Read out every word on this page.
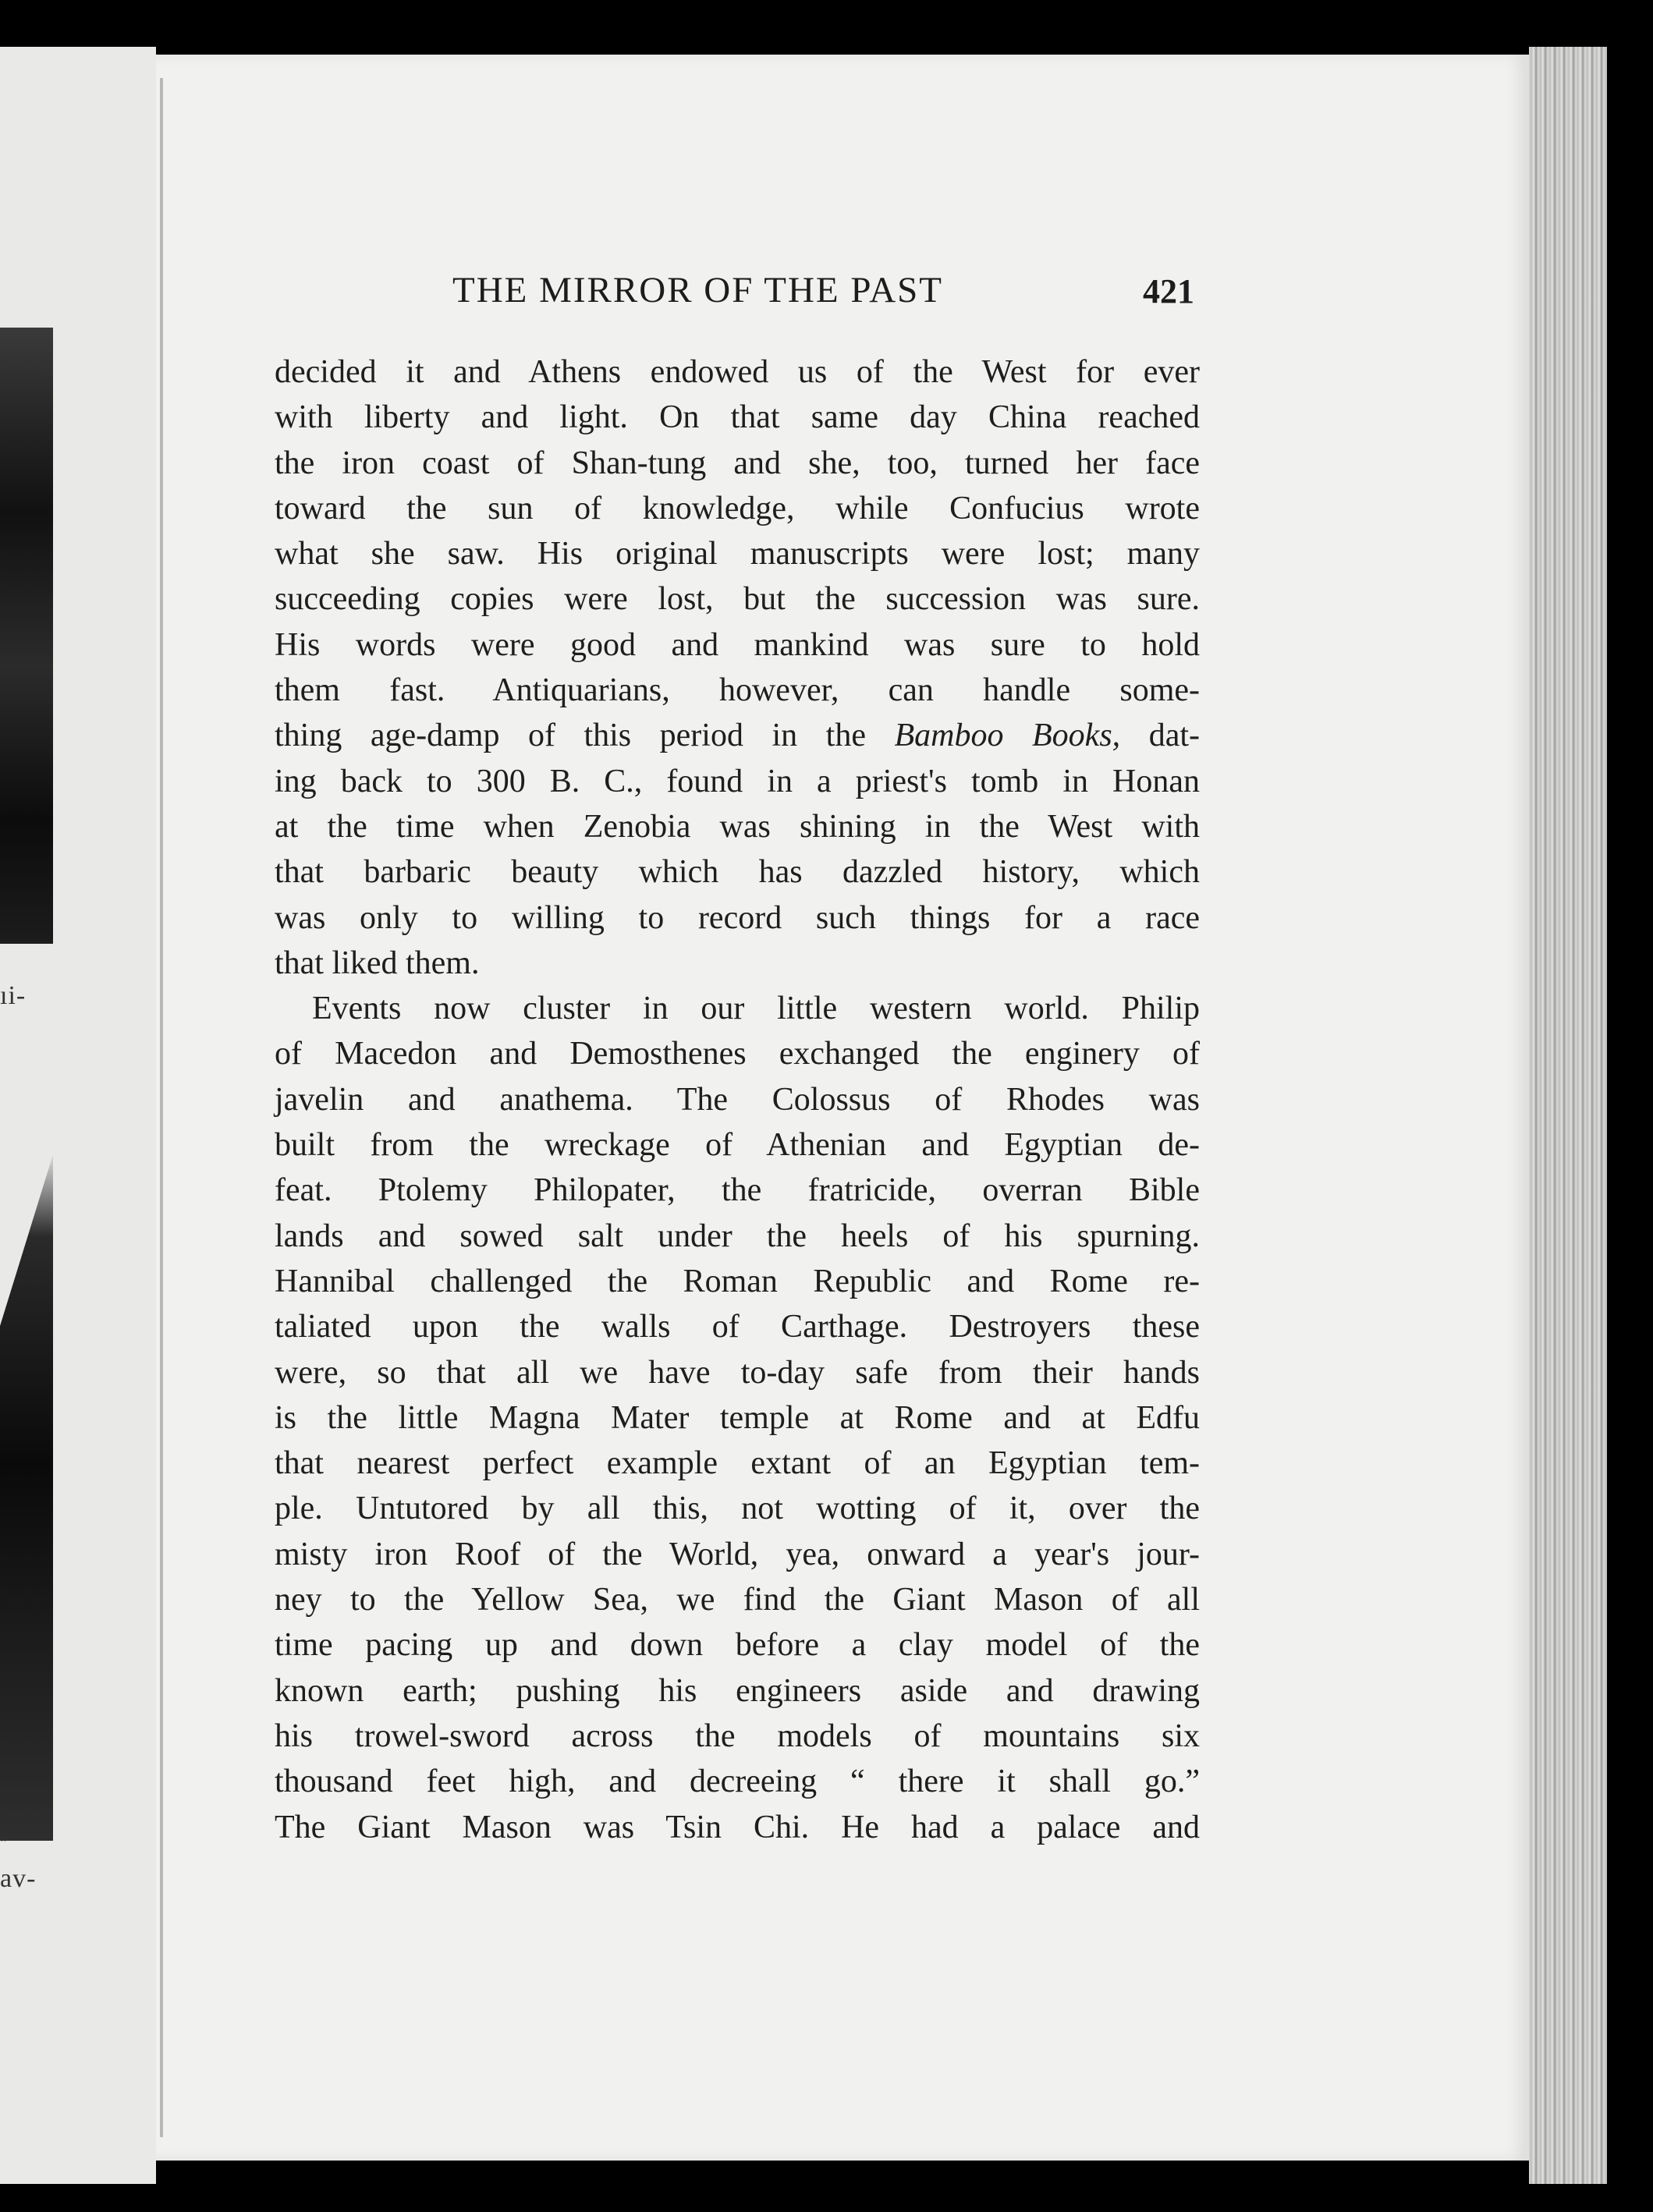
ıi-
"
av-
THE MIRROR OF THE PAST	421
decided it and Athens endowed us of the West for ever
with liberty and light. On that same day China reached
the iron coast of Shan-tung and she, too, turned her face
toward the sun of knowledge, while Confucius wrote
what she saw. His original manuscripts were lost; many
succeeding copies were lost, but the succession was sure.
His words were good and mankind was sure to hold
them fast. Antiquarians, however, can handle some-
thing age-damp of this period in the Bamboo Books, dat-
ing back to 300 B. C., found in a priest's tomb in Honan
at the time when Zenobia was shining in the West with
that barbaric beauty which has dazzled history, which
was only to willing to record such things for a race
that liked them.
Events now cluster in our little western world. Philip
of Macedon and Demosthenes exchanged the enginery of
javelin and anathema. The Colossus of Rhodes was
built from the wreckage of Athenian and Egyptian de-
feat. Ptolemy Philopater, the fratricide, overran Bible
lands and sowed salt under the heels of his spurning.
Hannibal challenged the Roman Republic and Rome re-
taliated upon the walls of Carthage. Destroyers these
were, so that all we have to-day safe from their hands
is the little Magna Mater temple at Rome and at Edfu
that nearest perfect example extant of an Egyptian tem-
ple. Untutored by all this, not wotting of it, over the
misty iron Roof of the World, yea, onward a year's jour-
ney to the Yellow Sea, we find the Giant Mason of all
time pacing up and down before a clay model of the
known earth; pushing his engineers aside and drawing
his trowel-sword across the models of mountains six
thousand feet high, and decreeing “ there it shall go.”
The Giant Mason was Tsin Chi. He had a palace and
